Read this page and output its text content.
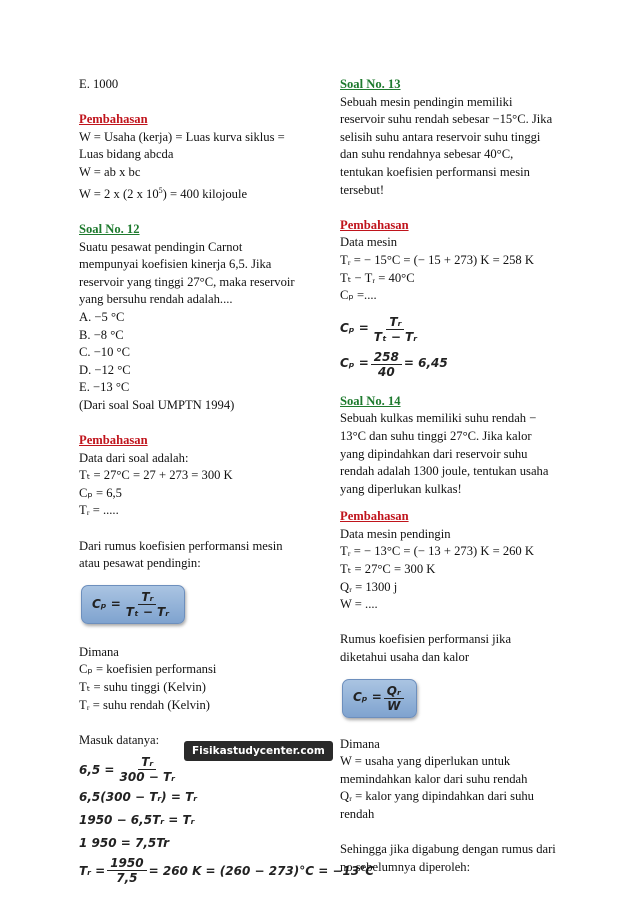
E. 1000

Pembahasan

W = Usaha (kerja) = Luas kurva siklus =

Luas bidang abcda

W = ab x bc

W = 2 x (2 x $10^5) = 400$ kilojoule

Soal No. 12

Suatu pesawat pendingin Carnot

mempunyai koefisien kinerja 6,5. Jika

reservoir yang tinggi 27°C, maka reservoir

yang bersuhu rendah adalah....

A. −5 °C

B. −8 °C

C. −10 °C

D. −12 °C

E. −13 °C

(Dari soal Soal UMPTN 1994)

Pembahasan

Data dari soal adalah:

Tₜ = 27°C = 27 + 273 = 300 K

Cₚ = 6,5

Tᵣ = .....

Dari rumus koefisien performansi mesin

atau pesawat pendingin:

$C_p = \frac{\text{Tᵣ}}{\text{Tₜ − Tᵣ}}$

Dimana

Cₚ = koefisien performansi

Tₜ = suhu tinggi (Kelvin)

Tᵣ = suhu rendah (Kelvin)

Masuk datanya:

$6,5 = \frac{\text{Tᵣ}}{\text{300 − Tᵣ}}$
6,5(300 − Tᵣ) = Tᵣ
1950 − 6,5Tᵣ = Tᵣ
1 950 = 7,5Tr
Tᵣ = $\frac{1950}{7,5} = 260$ K = (260 − 273)°C = −13°C
Fisikastudycenter.com

Soal No. 13

Sebuah mesin pendingin memiliki

reservoir suhu rendah sebesar −15°C. Jika

selisih suhu antara reservoir suhu tinggi

dan suhu rendahnya sebesar 40°C,

tentukan koefisien performansi mesin

tersebut!

Pembahasan

Data mesin

Tᵣ = − 15°C = (− 15 + 273) K = 258 K

Tₜ − Tᵣ = 40°C

Cₚ =....

$C_p = \frac{\text{Tᵣ}}{\text{Tₜ − Tᵣ}}$
$C_p = \frac{258}{40} = 6,45$

Soal No. 14

Sebuah kulkas memiliki suhu rendah −

13°C dan suhu tinggi 27°C. Jika kalor

yang dipindahkan dari reservoir suhu

rendah adalah 1300 joule, tentukan usaha

yang diperlukan kulkas!

Pembahasan

Data mesin pendingin

Tᵣ = − 13°C = (− 13 + 273) K = 260 K

Tₜ = 27°C = 300 K

Qᵣ = 1300 j

W = ....

Rumus koefisien performansi jika

diketahui usaha dan kalor

$C_p = \frac{\text{Qᵣ}}{W}$

Dimana

W = usaha yang diperlukan untuk

memindahkan kalor dari suhu rendah

Qᵣ = kalor yang dipindahkan dari suhu

rendah

Sehingga jika digabung dengan rumus dari

no sebelumnya diperoleh:
